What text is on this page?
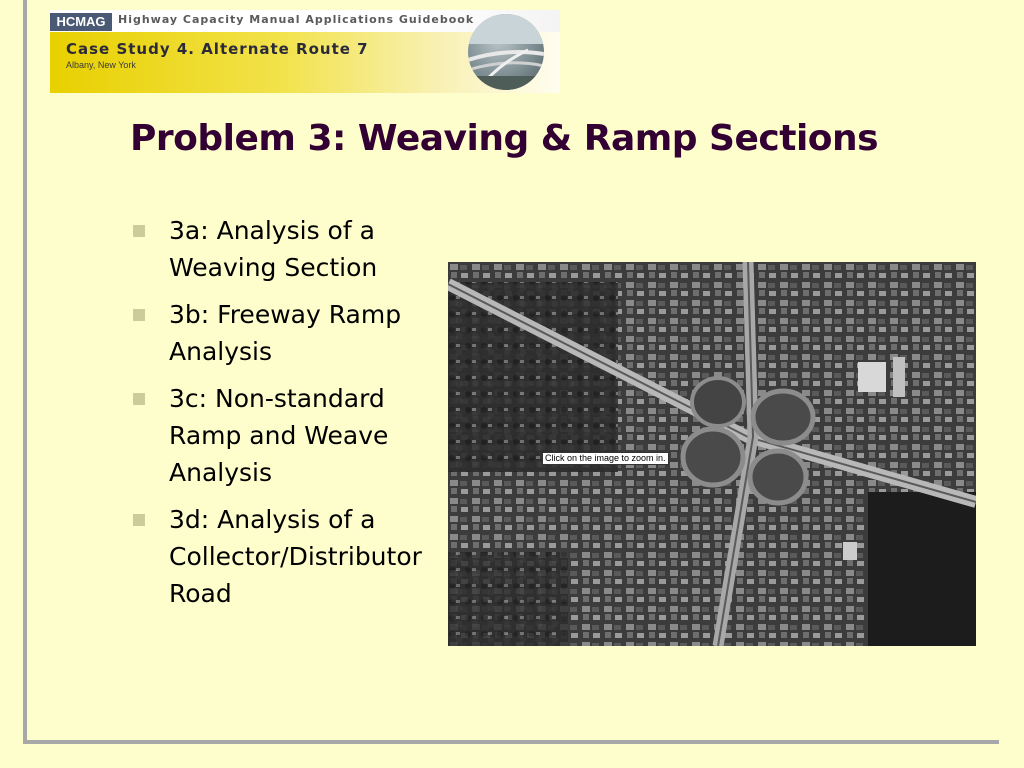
HCMAG	Highway Capacity Manual Applications Guidebook
Case Study 4. Alternate Route 7
Albany, New York
Problem 3: Weaving & Ramp Sections
3a: Analysis of a
Weaving Section
3b: Freeway Ramp
Analysis
3c: Non-standard
Ramp and Weave
Analysis
3d: Analysis of a
Collector/Distributor
Road
Click on the image to zoom in.
